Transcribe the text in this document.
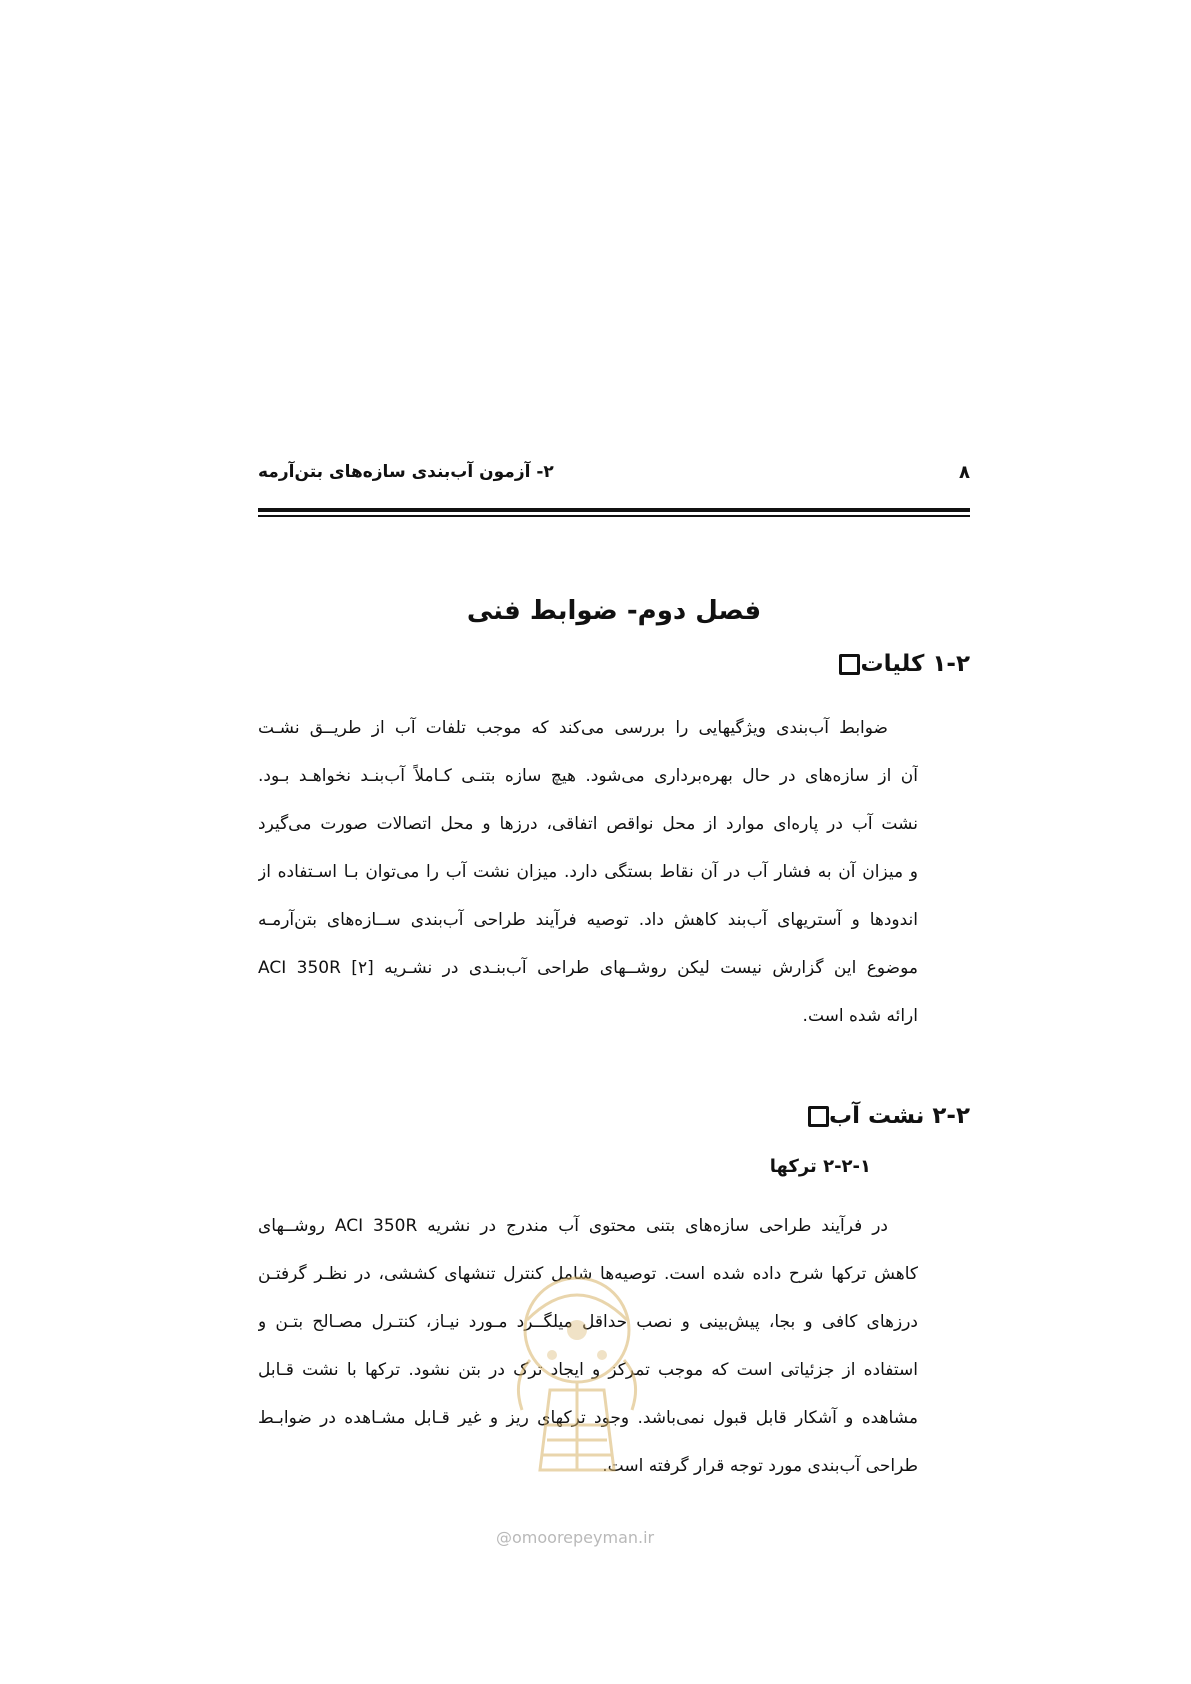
۲- آزمون آب‌بندی سازه‌های بتن‌آرمه	۸
فصل دوم- ضوابط فنی
۱-۲ کلیات
ضوابط آب‌بندی ویژگیهایی را بررسی می‌کند که موجب تلفات آب از طریــق نشـت
آن از سازه‌های در حال بهره‌برداری می‌شود. هیچ سازه بتنـی کـاملاً آب‌بنـد نخواهـد بـود.
نشت آب در پاره‌ای موارد از محل نواقص اتفاقی، درزها و محل اتصالات صورت می‌گیرد
و میزان آن به فشار آب در آن نقاط بستگی دارد. میزان نشت آب را می‌توان بـا اسـتفاده از
اندودها و آستریهای آب‌بند کاهش داد. توصیه فرآیند طراحی آب‌بندی ســازه‌های بتن‌آرمـه
موضوع این گزارش نیست لیکن روشــهای طراحی آب‌بنـدی در نشـریه ACI 350R [۲]
ارائه شده است.
۲-۲ نشت آب
۲-۲-۱ ترکها
در فرآیند طراحی سازه‌های بتنی محتوی آب مندرج در نشریه ACI 350R روشــهای
کاهش ترکها شرح داده شده است. توصیه‌ها شامل کنترل تنشهای کششی، در نظـر گرفتـن
درزهای کافی و بجا، پیش‌بینی و نصب حداقل میلگــرد مـورد نیـاز، کنتـرل مصـالح بتـن و
استفاده از جزئیاتی است که موجب تمرکز و ایجاد ترک در بتن نشود. ترکها با نشت قـابل
مشاهده و آشکار قابل قبول نمی‌باشد. وجود ترکهای ریز و غیر قـابل مشـاهده در ضوابـط
طراحی آب‌بندی مورد توجه قرار گرفته است.
@omoorepeyman.ir
